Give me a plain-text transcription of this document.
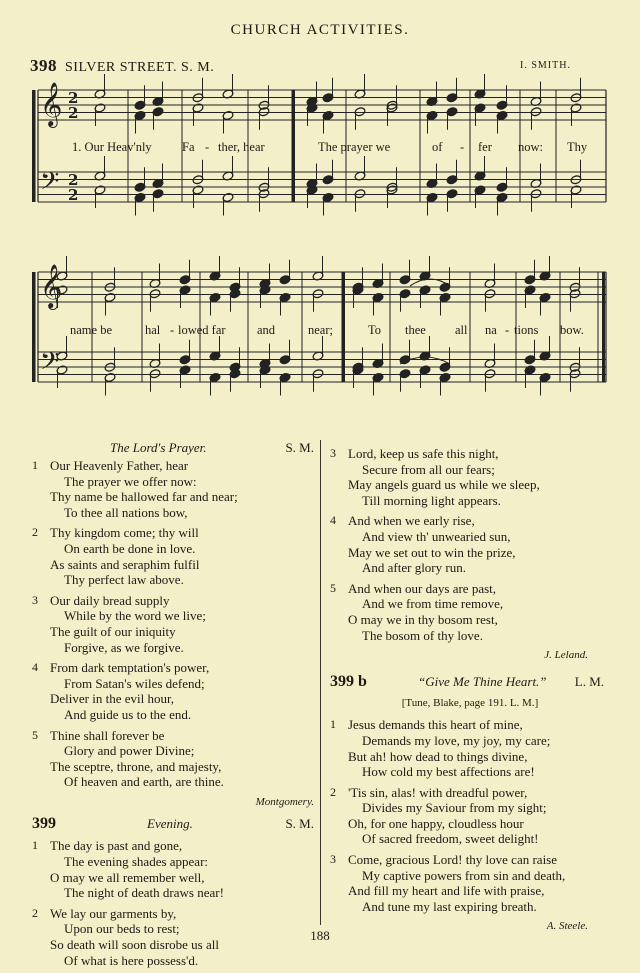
CHURCH ACTIVITIES.
398 SILVER STREET. S. M.	I. SMITH.
𝄞 2
2
𝄢 2
2
𝄞
𝄢
1. Our Heav'nly Fa - ther, hear	The prayer we	of - fer now: Thy
name be	hal - lowed far	and	near;	To thee all na - tions bow.
The Lord's Prayer.	S. M.
1 Our Heavenly Father, hear
The prayer we offer now:
Thy name be hallowed far and near;
To thee all nations bow,
2 Thy kingdom come; thy will
On earth be done in love.
As saints and seraphim fulfil
Thy perfect law above.
3 Our daily bread supply
While by the word we live;
The guilt of our iniquity
Forgive, as we forgive.
4 From dark temptation's power,
From Satan's wiles defend;
Deliver in the evil hour,
And guide us to the end.
5 Thine shall forever be
Glory and power Divine;
The sceptre, throne, and majesty,
Of heaven and earth, are thine.
Montgomery.
399	Evening.	S. M.
1 The day is past and gone,
The evening shades appear:
O may we all remember well,
The night of death draws near!
2 We lay our garments by,
Upon our beds to rest;
So death will soon disrobe us all
Of what is here possess'd.
3 Lord, keep us safe this night,
Secure from all our fears;
May angels guard us while we sleep,
Till morning light appears.
4 And when we early rise,
And view th' unwearied sun,
May we set out to win the prize,
And after glory run.
5 And when our days are past,
And we from time remove,
O may we in thy bosom rest,
The bosom of thy love.
J. Leland.
399 b	“Give Me Thine Heart.” L. M.
[Tune, Blake, page 191. L. M.]
1 Jesus demands this heart of mine,
Demands my love, my joy, my care;
But ah! how dead to things divine,
How cold my best affections are!
2 'Tis sin, alas! with dreadful power,
Divides my Saviour from my sight;
Oh, for one happy, cloudless hour
Of sacred freedom, sweet delight!
3 Come, gracious Lord! thy love can raise
My captive powers from sin and death,
And fill my heart and life with praise,
And tune my last expiring breath.
A. Steele.
188
